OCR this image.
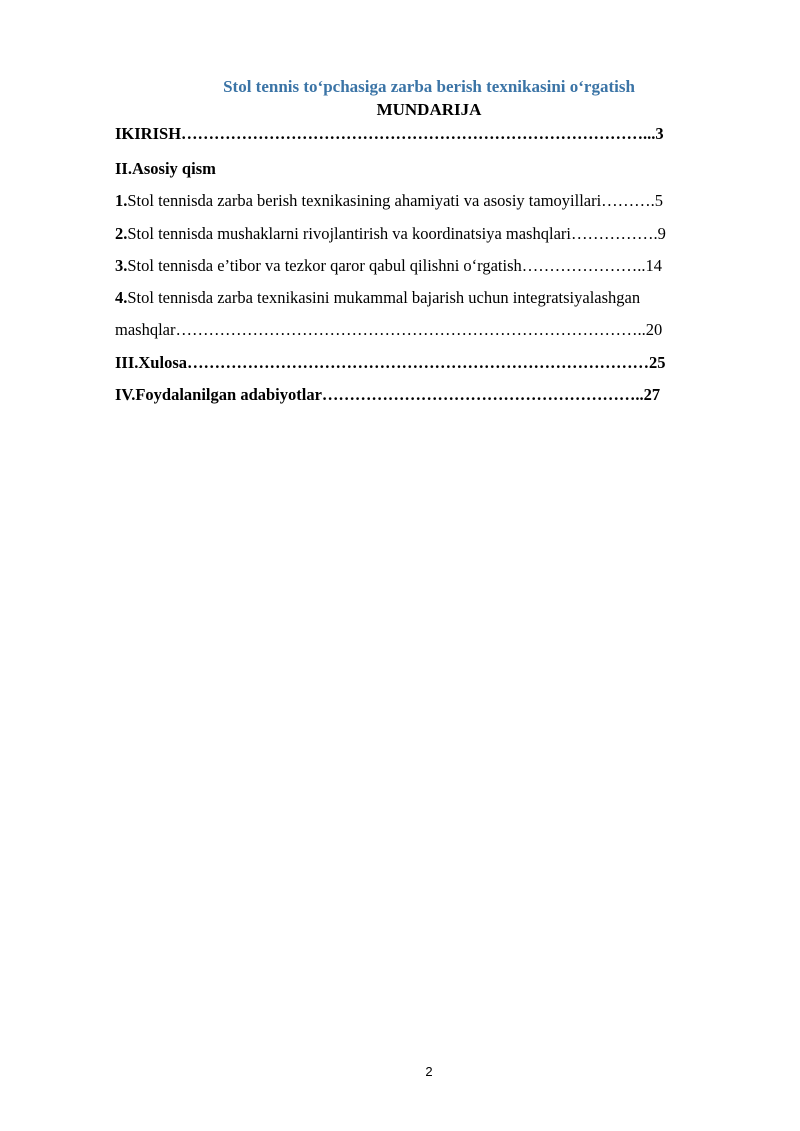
Stol tennis to‘pchasiga zarba berish texnikasini o‘rgatish
MUNDARIJA
IKIRISH…………………………………………………………………………...3
II.Asosiy qism
1.Stol tennisda zarba berish texnikasining ahamiyati va asosiy tamoyillari……….5
2.Stol tennisda mushaklarni rivojlantirish va koordinatsiya mashqlari…………….9
3.Stol tennisda e’tibor va tezkor qaror qabul qilishni o‘rgatish…………………..14
4.Stol tennisda zarba texnikasini mukammal bajarish uchun integratsiyalashgan
mashqlar…………………………………………………………………………..20
III.Xulosa…………………………………………………………………………25
IV.Foydalanilgan adabiyotlar…………………………………………………..27
2
